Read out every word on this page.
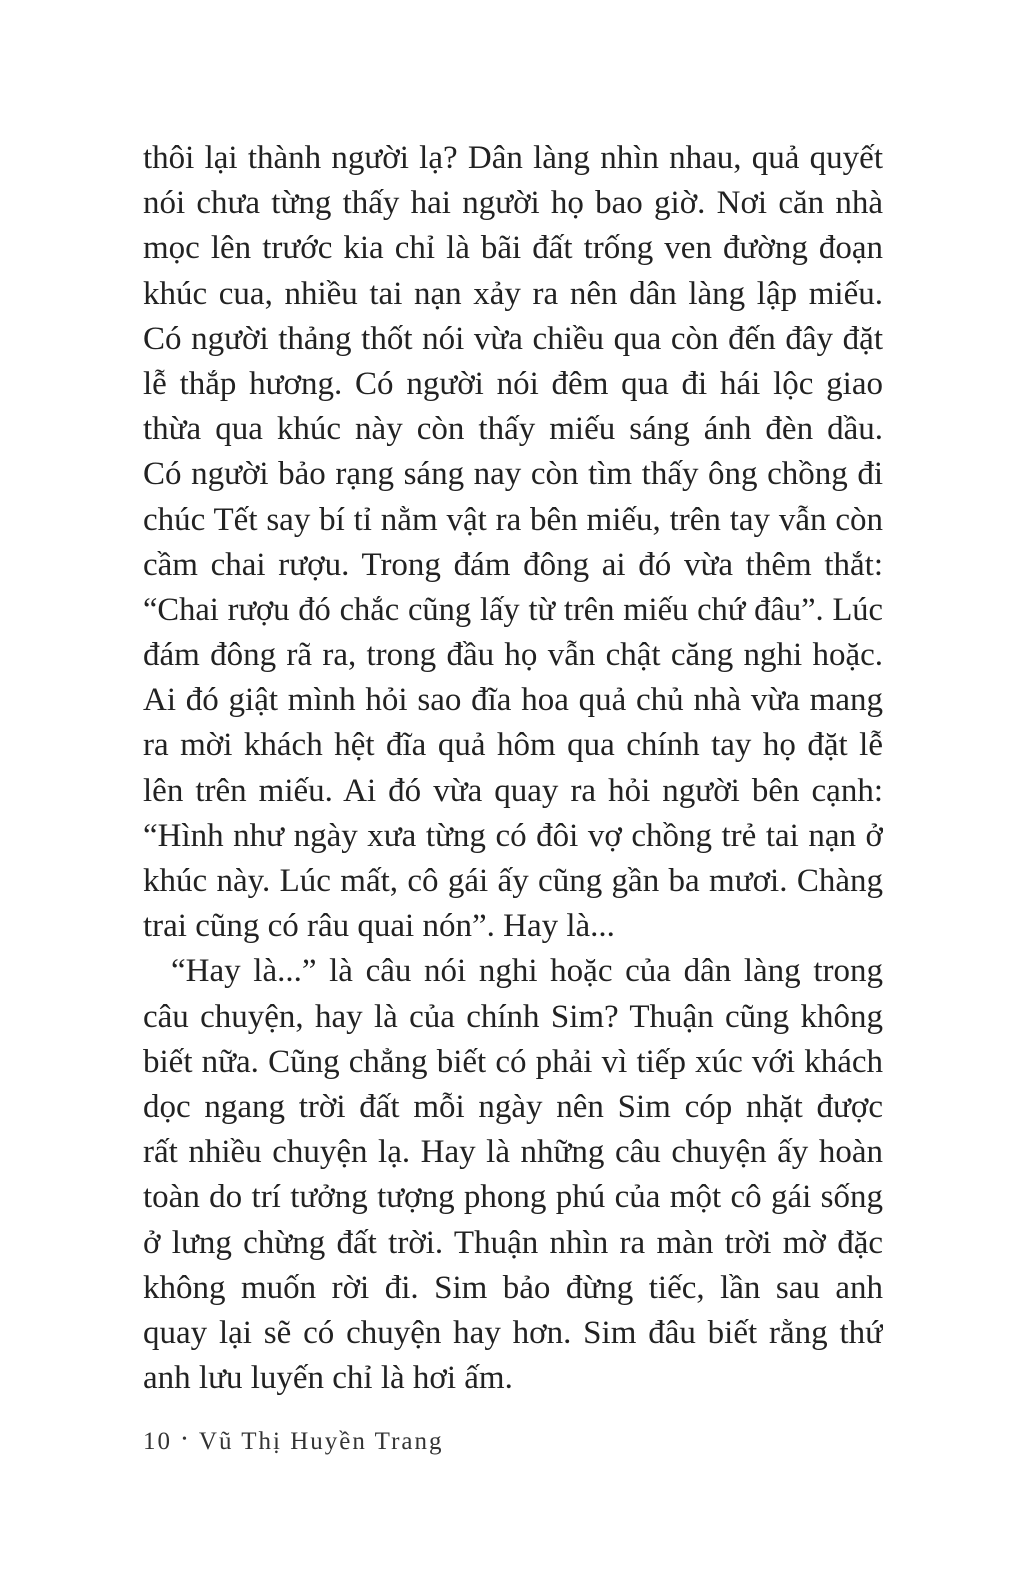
thôi lại thành người lạ? Dân làng nhìn nhau, quả quyết
nói chưa từng thấy hai người họ bao giờ. Nơi căn nhà
mọc lên trước kia chỉ là bãi đất trống ven đường đoạn
khúc cua, nhiều tai nạn xảy ra nên dân làng lập miếu.
Có người thảng thốt nói vừa chiều qua còn đến đây đặt
lễ thắp hương. Có người nói đêm qua đi hái lộc giao
thừa qua khúc này còn thấy miếu sáng ánh đèn dầu.
Có người bảo rạng sáng nay còn tìm thấy ông chồng đi
chúc Tết say bí tỉ nằm vật ra bên miếu, trên tay vẫn còn
cầm chai rượu. Trong đám đông ai đó vừa thêm thắt:
“Chai rượu đó chắc cũng lấy từ trên miếu chứ đâu”. Lúc
đám đông rã ra, trong đầu họ vẫn chật căng nghi hoặc.
Ai đó giật mình hỏi sao đĩa hoa quả chủ nhà vừa mang
ra mời khách hệt đĩa quả hôm qua chính tay họ đặt lễ
lên trên miếu. Ai đó vừa quay ra hỏi người bên cạnh:
“Hình như ngày xưa từng có đôi vợ chồng trẻ tai nạn ở
khúc này. Lúc mất, cô gái ấy cũng gần ba mươi. Chàng
trai cũng có râu quai nón”. Hay là...
“Hay là...” là câu nói nghi hoặc của dân làng trong
câu chuyện, hay là của chính Sim? Thuận cũng không
biết nữa. Cũng chẳng biết có phải vì tiếp xúc với khách
dọc ngang trời đất mỗi ngày nên Sim cóp nhặt được
rất nhiều chuyện lạ. Hay là những câu chuyện ấy hoàn
toàn do trí tưởng tượng phong phú của một cô gái sống
ở lưng chừng đất trời. Thuận nhìn ra màn trời mờ đặc
không muốn rời đi. Sim bảo đừng tiếc, lần sau anh
quay lại sẽ có chuyện hay hơn. Sim đâu biết rằng thứ
anh lưu luyến chỉ là hơi ấm.
10 • Vũ Thị Huyền Trang
